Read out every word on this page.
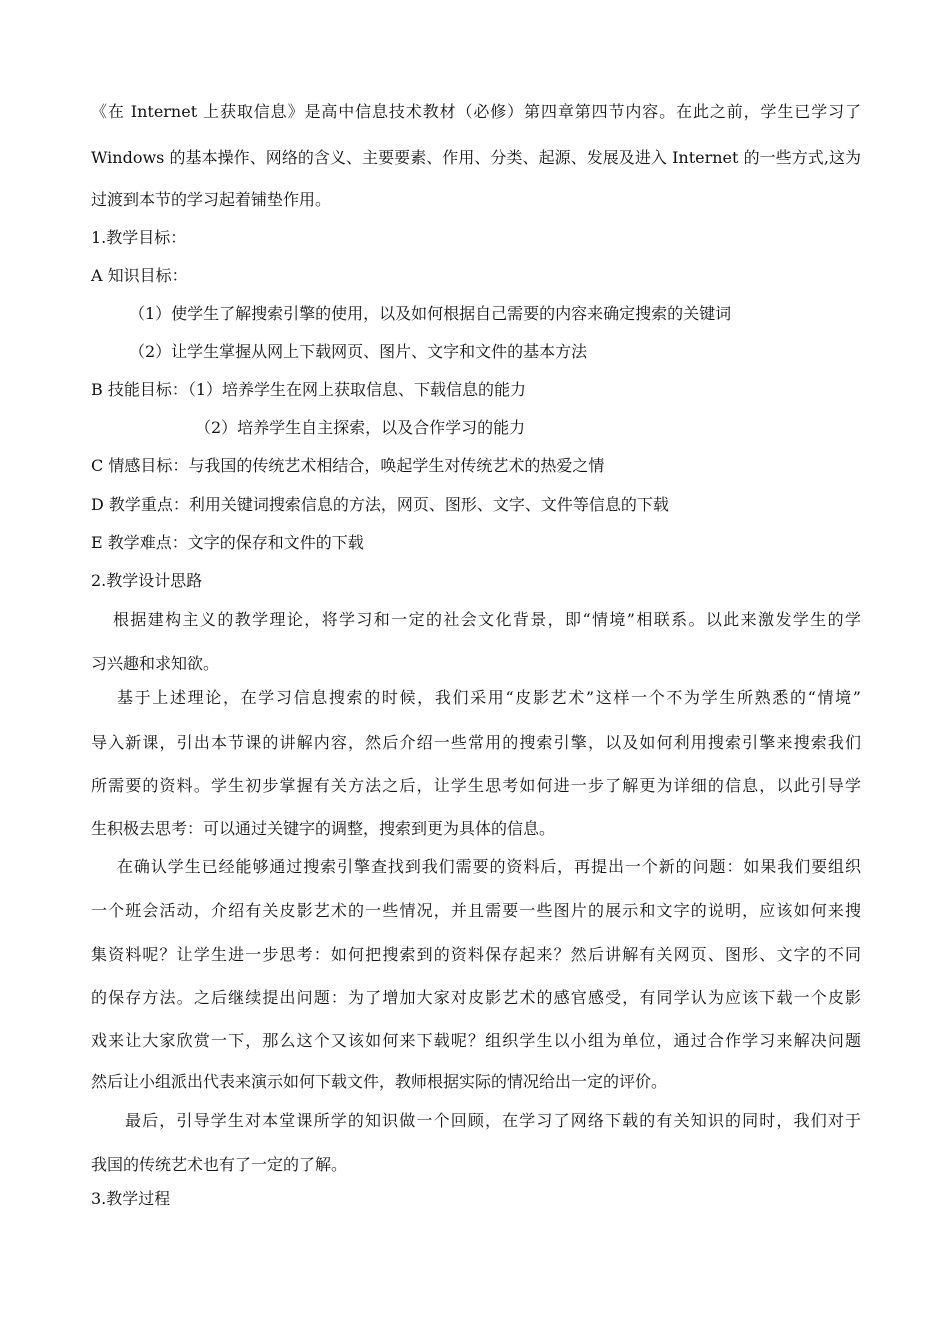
《在 Internet 上获取信息》是高中信息技术教材（必修）第四章第四节内容。在此之前，学生已学习了
Windows 的基本操作、网络的含义、主要要素、作用、分类、起源、发展及进入 Internet 的一些方式,这为
过渡到本节的学习起着铺垫作用。
1.教学目标：
A 知识目标：
（1）使学生了解搜索引擎的使用，以及如何根据自己需要的内容来确定搜索的关键词
（2）让学生掌握从网上下载网页、图片、文字和文件的基本方法
B 技能目标：（1）培养学生在网上获取信息、下载信息的能力
（2）培养学生自主探索，以及合作学习的能力
C 情感目标：与我国的传统艺术相结合，唤起学生对传统艺术的热爱之情
D 教学重点：利用关键词搜索信息的方法，网页、图形、文字、文件等信息的下载
E 教学难点：文字的保存和文件的下载
2.教学设计思路
根据建构主义的教学理论，将学习和一定的社会文化背景，即“情境”相联系。以此来激发学生的学
习兴趣和求知欲。
基于上述理论，在学习信息搜索的时候，我们采用“皮影艺术”这样一个不为学生所熟悉的“情境”
导入新课，引出本节课的讲解内容，然后介绍一些常用的搜索引擎，以及如何利用搜索引擎来搜索我们
所需要的资料。学生初步掌握有关方法之后，让学生思考如何进一步了解更为详细的信息，以此引导学
生积极去思考：可以通过关键字的调整，搜索到更为具体的信息。
在确认学生已经能够通过搜索引擎查找到我们需要的资料后，再提出一个新的问题：如果我们要组织
一个班会活动，介绍有关皮影艺术的一些情况，并且需要一些图片的展示和文字的说明，应该如何来搜
集资料呢？让学生进一步思考：如何把搜索到的资料保存起来？然后讲解有关网页、图形、文字的不同
的保存方法。之后继续提出问题：为了增加大家对皮影艺术的感官感受，有同学认为应该下载一个皮影
戏来让大家欣赏一下，那么这个又该如何来下载呢？组织学生以小组为单位，通过合作学习来解决问题
然后让小组派出代表来演示如何下载文件，教师根据实际的情况给出一定的评价。
最后，引导学生对本堂课所学的知识做一个回顾，在学习了网络下载的有关知识的同时，我们对于
我国的传统艺术也有了一定的了解。
3.教学过程
